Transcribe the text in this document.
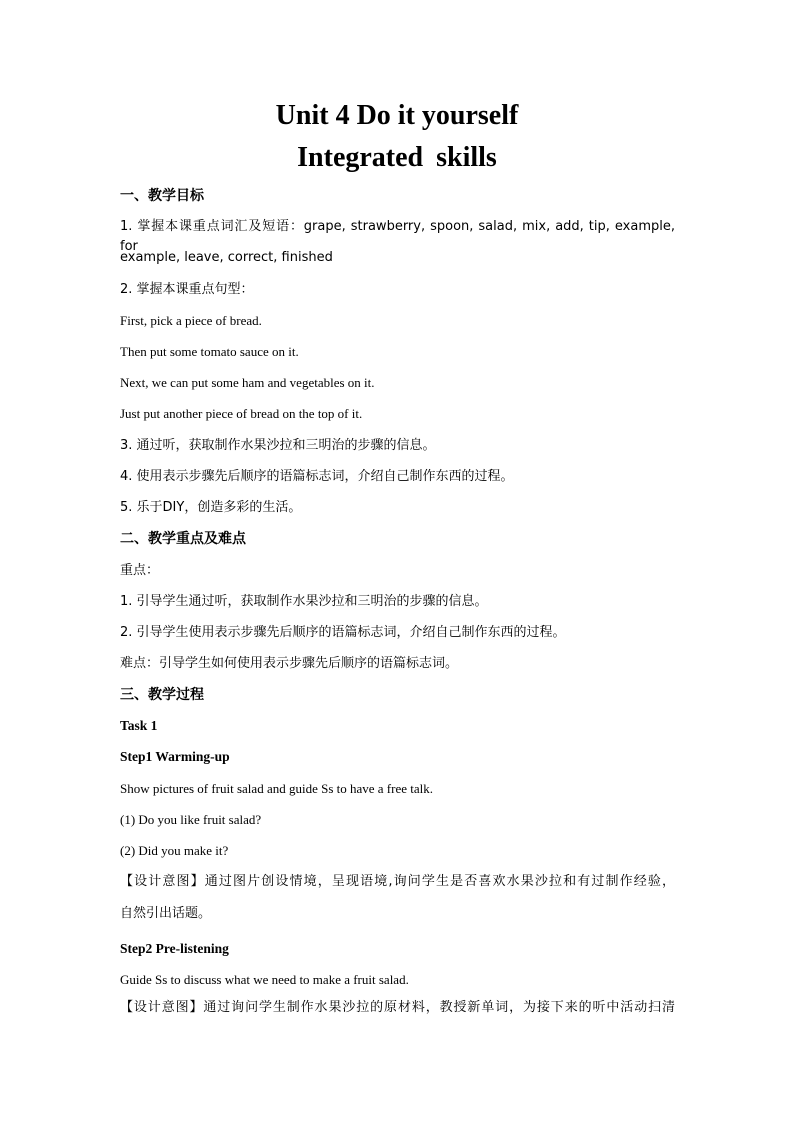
Unit 4 Do it yourself
Integrated skills
一、教学目标
1. 掌握本课重点词汇及短语：grape, strawberry, spoon, salad, mix, add, tip, example, for
example, leave, correct, finished
2. 掌握本课重点句型：
First, pick a piece of bread.
Then put some tomato sauce on it.
Next, we can put some ham and vegetables on it.
Just put another piece of bread on the top of it.
3. 通过听，获取制作水果沙拉和三明治的步骤的信息。
4. 使用表示步骤先后顺序的语篇标志词，介绍自己制作东西的过程。
5. 乐于DIY，创造多彩的生活。
二、教学重点及难点
重点：
1. 引导学生通过听，获取制作水果沙拉和三明治的步骤的信息。
2. 引导学生使用表示步骤先后顺序的语篇标志词，介绍自己制作东西的过程。
难点：引导学生如何使用表示步骤先后顺序的语篇标志词。
三、教学过程
Task 1
Step1 Warming-up
Show pictures of fruit salad and guide Ss to have a free talk.
(1) Do you like fruit salad?
(2) Did you make it?
【设计意图】通过图片创设情境，呈现语境,询问学生是否喜欢水果沙拉和有过制作经验，
自然引出话题。
Step2 Pre-listening
Guide Ss to discuss what we need to make a fruit salad.
【设计意图】通过询问学生制作水果沙拉的原材料，教授新单词，为接下来的听中活动扫清
